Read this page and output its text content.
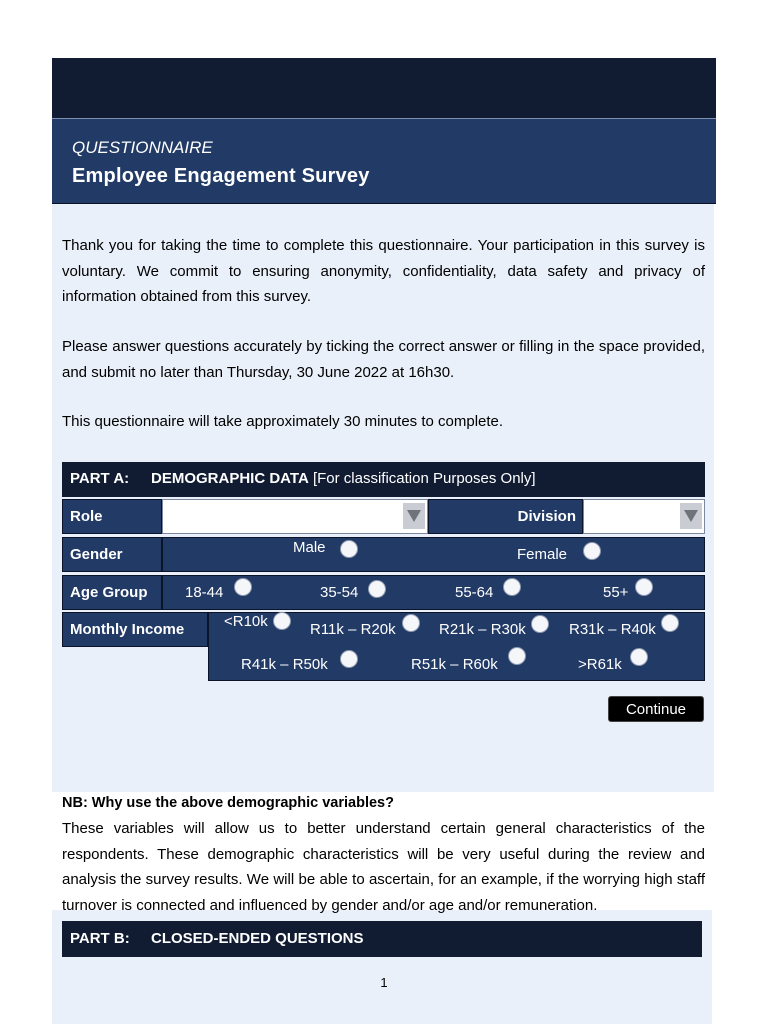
QUESTIONNAIRE
Employee Engagement Survey
Thank you for taking the time to complete this questionnaire. Your participation in this survey is voluntary. We commit to ensuring anonymity, confidentiality, data safety and privacy of information obtained from this survey.
Please answer questions accurately by ticking the correct answer or filling in the space provided, and submit no later than Thursday, 30 June 2022 at 16h30.
This questionnaire will take approximately 30 minutes to complete.
PART A: DEMOGRAPHIC DATA [For classification Purposes Only]
Role	Division
Gender	Male	Female
Age Group	18-44	35-54	55-64	55+
Monthly Income	<R10k	R11k – R20k	R21k – R30k	R31k – R40k
R41k – R50k	R51k – R60k	>R61k
Continue
NB: Why use the above demographic variables?
These variables will allow us to better understand certain general characteristics of the respondents. These demographic characteristics will be very useful during the review and analysis the survey results. We will be able to ascertain, for an example, if the worrying high staff turnover is connected and influenced by gender and/or age and/or remuneration.
PART B: CLOSED-ENDED QUESTIONS
1
